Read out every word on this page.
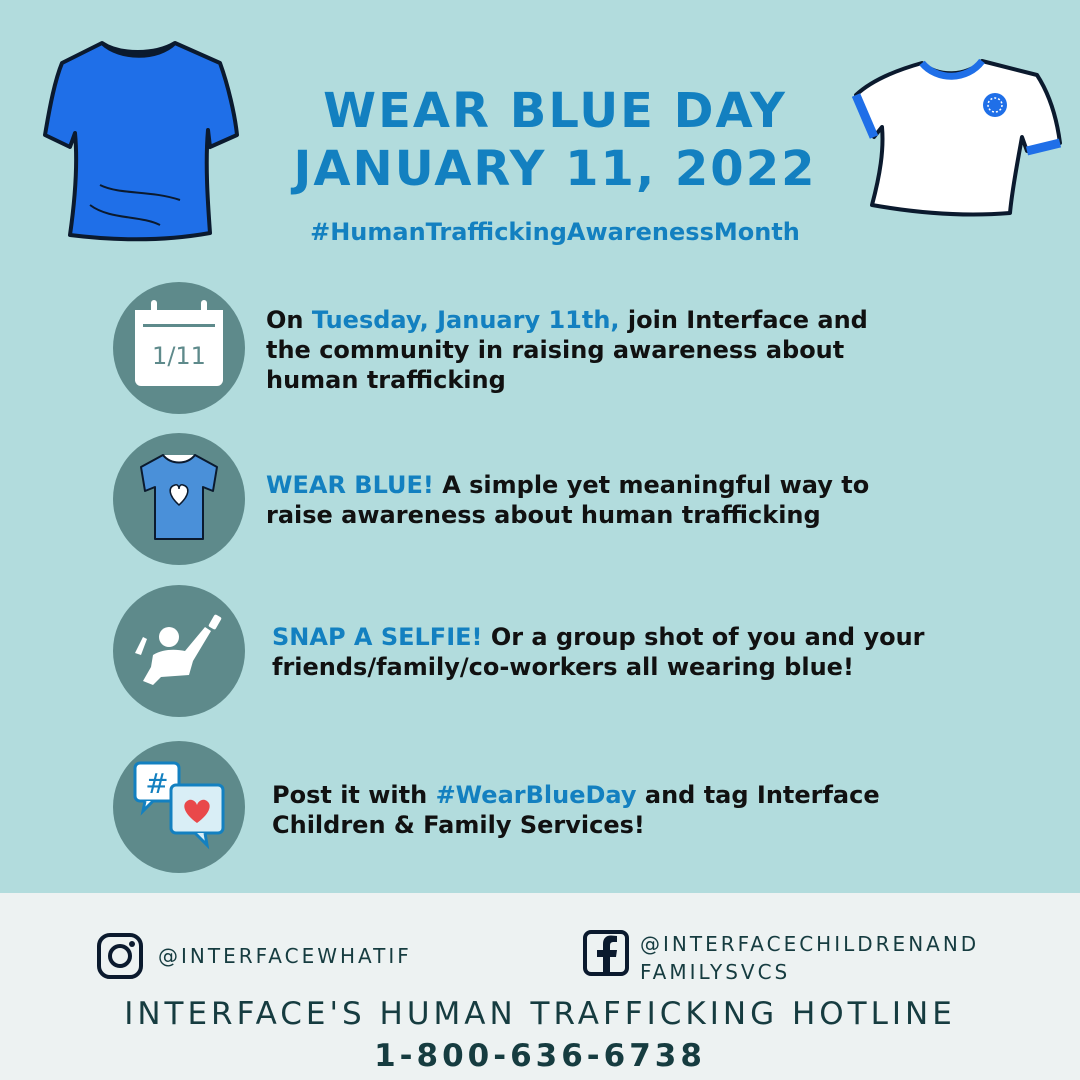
WEAR BLUE DAY
JANUARY 11, 2022
#HumanTraffickingAwarenessMonth
1/11
On Tuesday, January 11th, join Interface and
the community in raising awareness about
human trafficking
WEAR BLUE! A simple yet meaningful way to
raise awareness about human trafficking
SNAP A SELFIE! Or a group shot of you and your
friends/family/co-workers all wearing blue!
#	Post it with #WearBlueDay and tag Interface
Children & Family Services!
@INTERFACEWHATIF	@INTERFACECHILDRENAND
FAMILYSVCS
INTERFACE'S HUMAN TRAFFICKING HOTLINE
1-800-636-6738
